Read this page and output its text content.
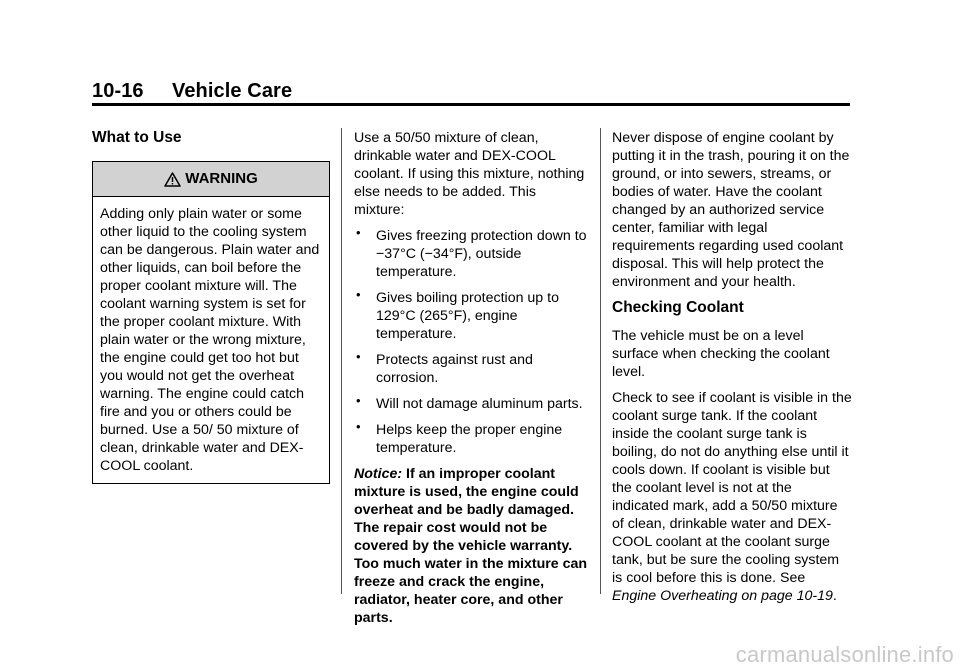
10-16 Vehicle Care
What to Use
WARNING
Adding only plain water or some other liquid to the cooling system can be dangerous. Plain water and other liquids, can boil before the proper coolant mixture will. The coolant warning system is set for the proper coolant mixture. With plain water or the wrong mixture, the engine could get too hot but you would not get the overheat warning. The engine could catch fire and you or others could be burned. Use a 50/ 50 mixture of clean, drinkable water and DEX-COOL coolant.

Use a 50/50 mixture of clean, drinkable water and DEX-COOL coolant. If using this mixture, nothing else needs to be added. This mixture:

• Gives freezing protection down to −37°C (−34°F), outside temperature.
• Gives boiling protection up to 129°C (265°F), engine temperature.
• Protects against rust and corrosion.
• Will not damage aluminum parts.
• Helps keep the proper engine temperature.

Notice: If an improper coolant mixture is used, the engine could overheat and be badly damaged. The repair cost would not be covered by the vehicle warranty. Too much water in the mixture can freeze and crack the engine, radiator, heater core, and other parts.

Never dispose of engine coolant by putting it in the trash, pouring it on the ground, or into sewers, streams, or bodies of water. Have the coolant changed by an authorized service center, familiar with legal requirements regarding used coolant disposal. This will help protect the environment and your health.

Checking Coolant

The vehicle must be on a level surface when checking the coolant level.

Check to see if coolant is visible in the coolant surge tank. If the coolant inside the coolant surge tank is boiling, do not do anything else until it cools down. If coolant is visible but the coolant level is not at the indicated mark, add a 50/50 mixture of clean, drinkable water and DEX-COOL coolant at the coolant surge tank, but be sure the cooling system is cool before this is done. See Engine Overheating on page 10-19.

carmanualsonline.info
